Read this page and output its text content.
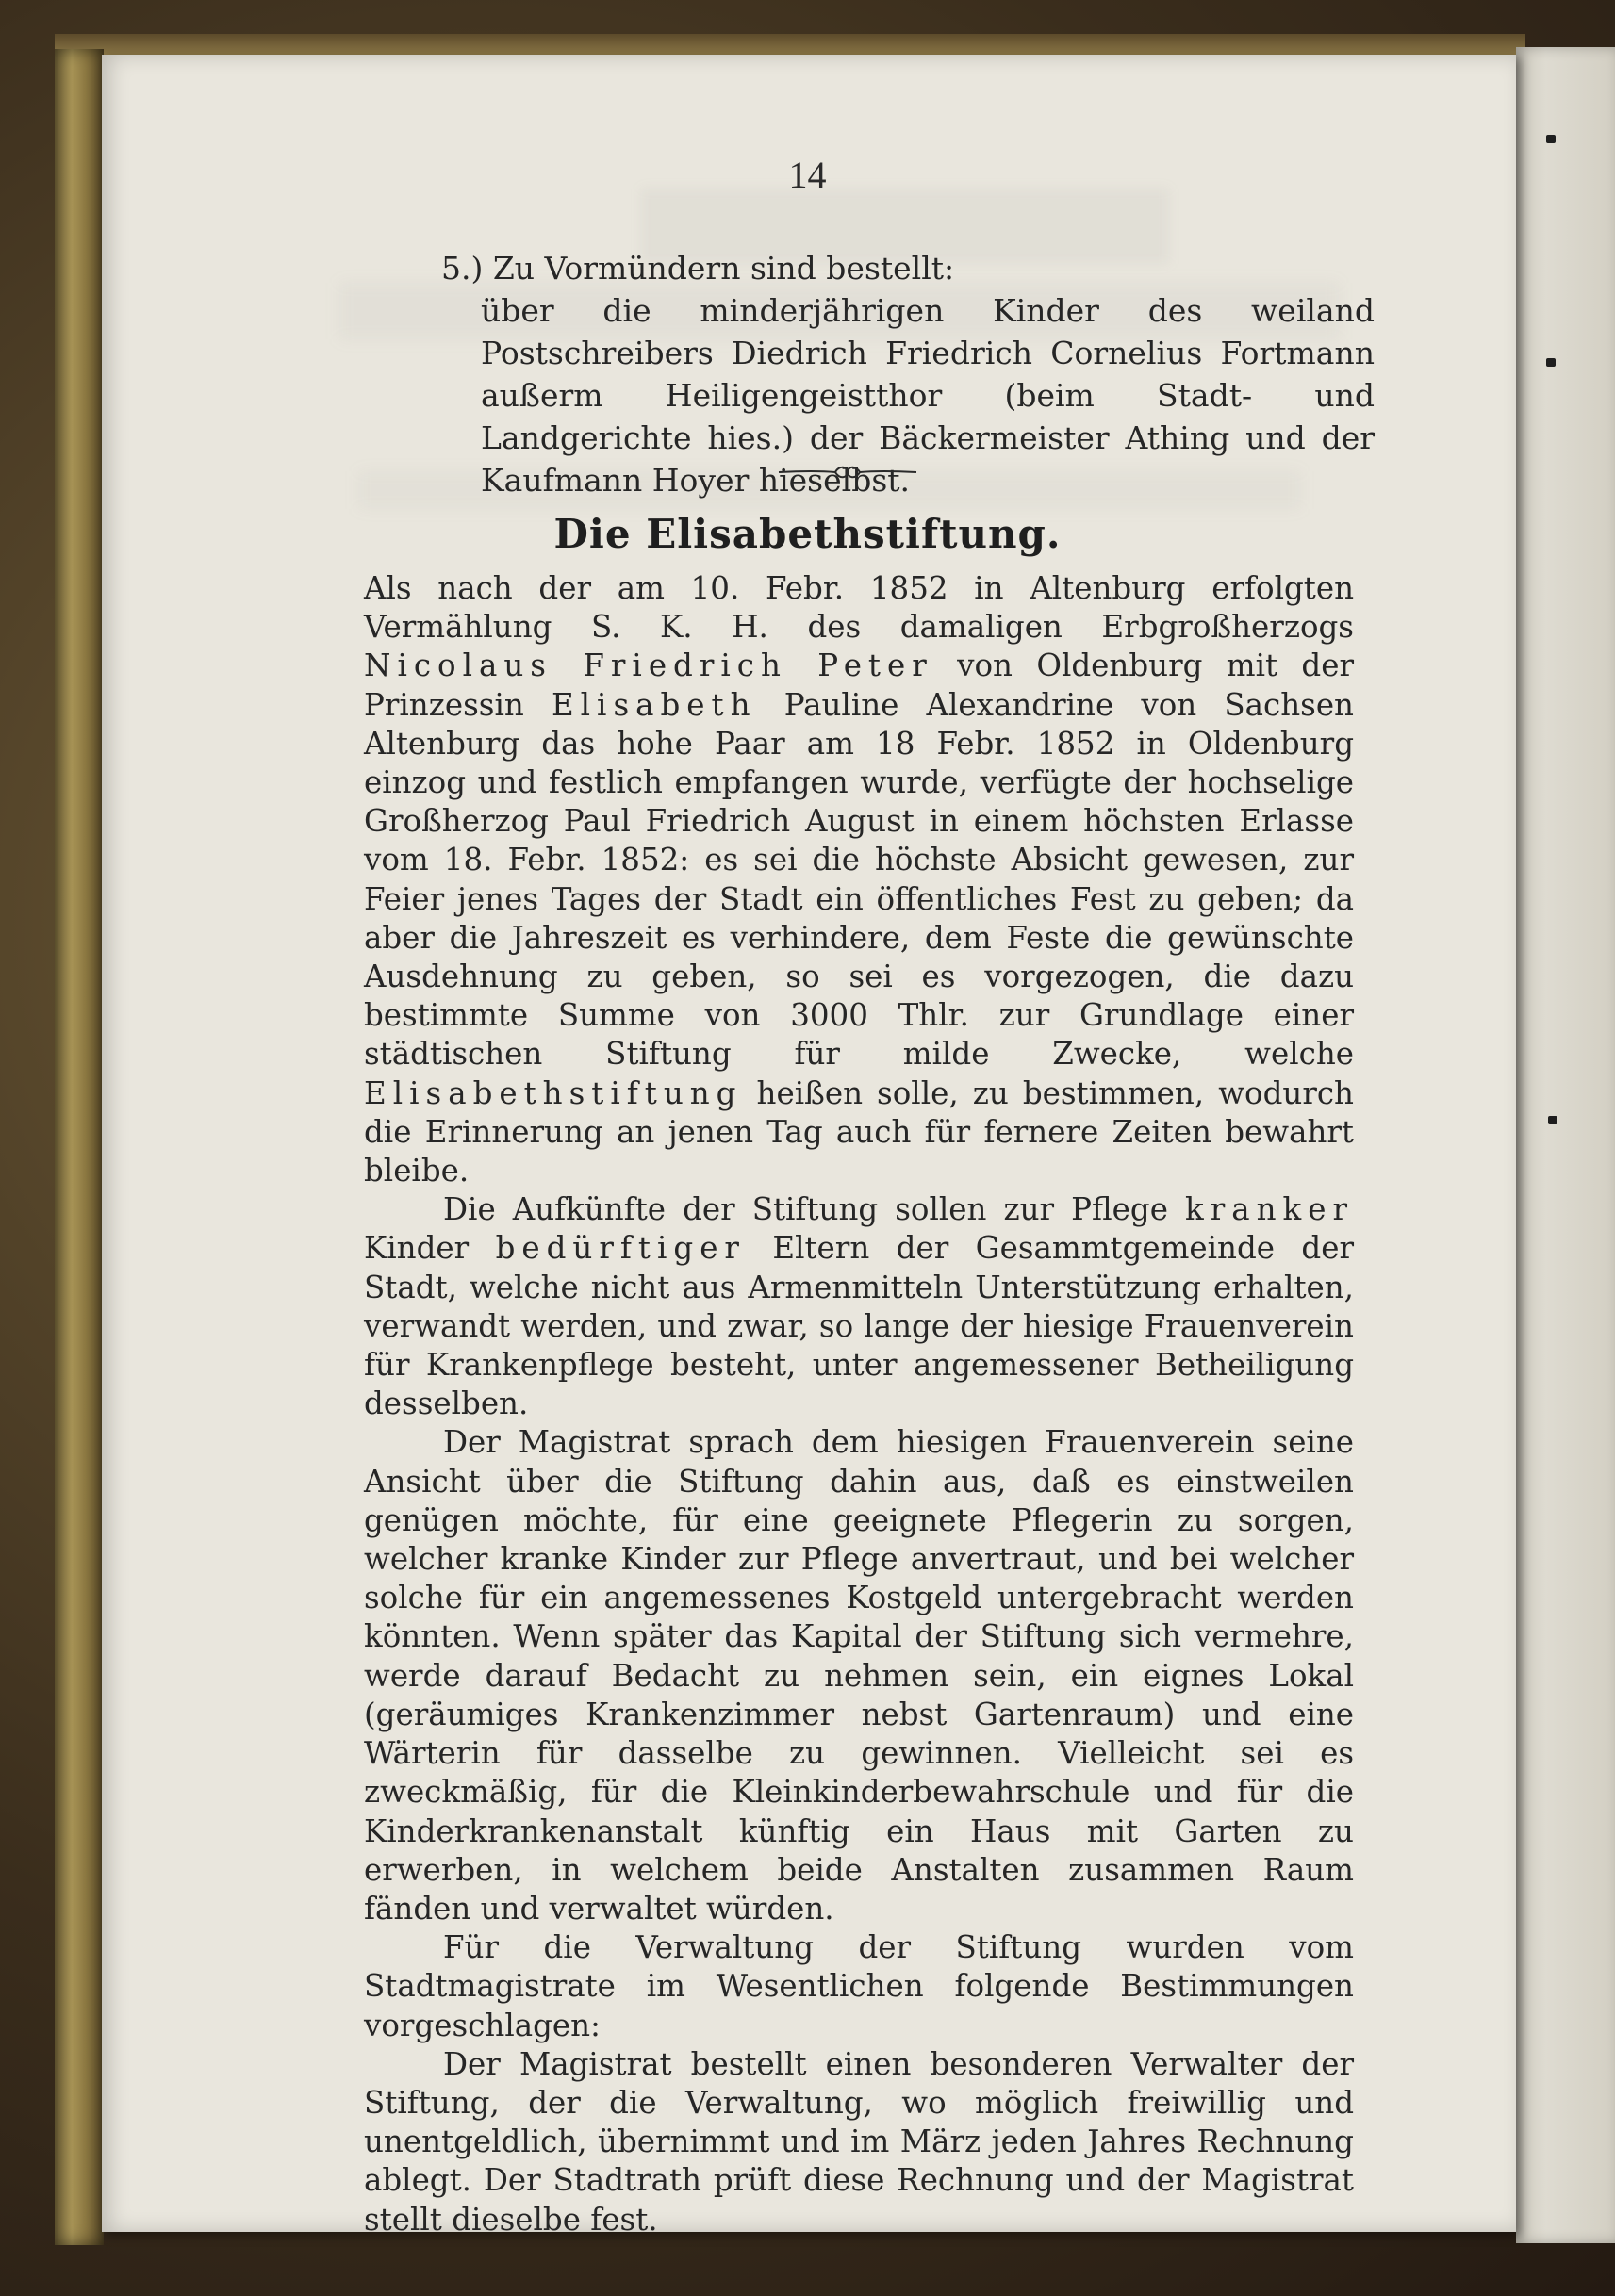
14
5.) Zu Vormündern sind bestellt:
über die minderjährigen Kinder des weiland Postschreibers Diedrich Friedrich Cornelius Fortmann außerm Heiligengeistthor (beim Stadt- und Landgerichte hies.) der Bäckermeister Athing und der Kaufmann Hoyer hieselbst.
Die Elisabethstiftung.

Als nach der am 10. Febr. 1852 in Altenburg erfolgten Vermählung S. K. H. des damaligen Erbgroßherzogs Nicolaus Friedrich Peter von Oldenburg mit der Prinzessin Elisabeth Pauline Alexandrine von Sachsen Altenburg das hohe Paar am 18 Febr. 1852 in Oldenburg einzog und festlich empfangen wurde, verfügte der hochselige Großherzog Paul Friedrich August in einem höchsten Erlasse vom 18. Febr. 1852: es sei die höchste Absicht gewesen, zur Feier jenes Tages der Stadt ein öffentliches Fest zu geben; da aber die Jahreszeit es verhindere, dem Feste die gewünschte Ausdehnung zu geben, so sei es vorgezogen, die dazu bestimmte Summe von 3000 Thlr. zur Grundlage einer städtischen Stiftung für milde Zwecke, welche Elisabethstiftung heißen solle, zu bestimmen, wodurch die Erinnerung an jenen Tag auch für fernere Zeiten bewahrt bleibe.

Die Aufkünfte der Stiftung sollen zur Pflege kranker Kinder bedürftiger Eltern der Gesammtgemeinde der Stadt, welche nicht aus Armenmitteln Unterstützung erhalten, verwandt werden, und zwar, so lange der hiesige Frauenverein für Krankenpflege besteht, unter angemessener Betheiligung desselben.

Der Magistrat sprach dem hiesigen Frauenverein seine Ansicht über die Stiftung dahin aus, daß es einstweilen genügen möchte, für eine geeignete Pflegerin zu sorgen, welcher kranke Kinder zur Pflege anvertraut, und bei welcher solche für ein angemessenes Kostgeld untergebracht werden könnten. Wenn später das Kapital der Stiftung sich vermehre, werde darauf Bedacht zu nehmen sein, ein eignes Lokal (geräumiges Krankenzimmer nebst Gartenraum) und eine Wärterin für dasselbe zu gewinnen. Vielleicht sei es zweckmäßig, für die Kleinkinderbewahrschule und für die Kinderkrankenanstalt künftig ein Haus mit Garten zu erwerben, in welchem beide Anstalten zusammen Raum fänden und verwaltet würden.

Für die Verwaltung der Stiftung wurden vom Stadtmagistrate im Wesentlichen folgende Bestimmungen vorgeschlagen:

Der Magistrat bestellt einen besonderen Verwalter der Stiftung, der die Verwaltung, wo möglich freiwillig und unentgeldlich, übernimmt und im März jeden Jahres Rechnung ablegt. Der Stadtrath prüft diese Rechnung und der Magistrat stellt dieselbe fest.
